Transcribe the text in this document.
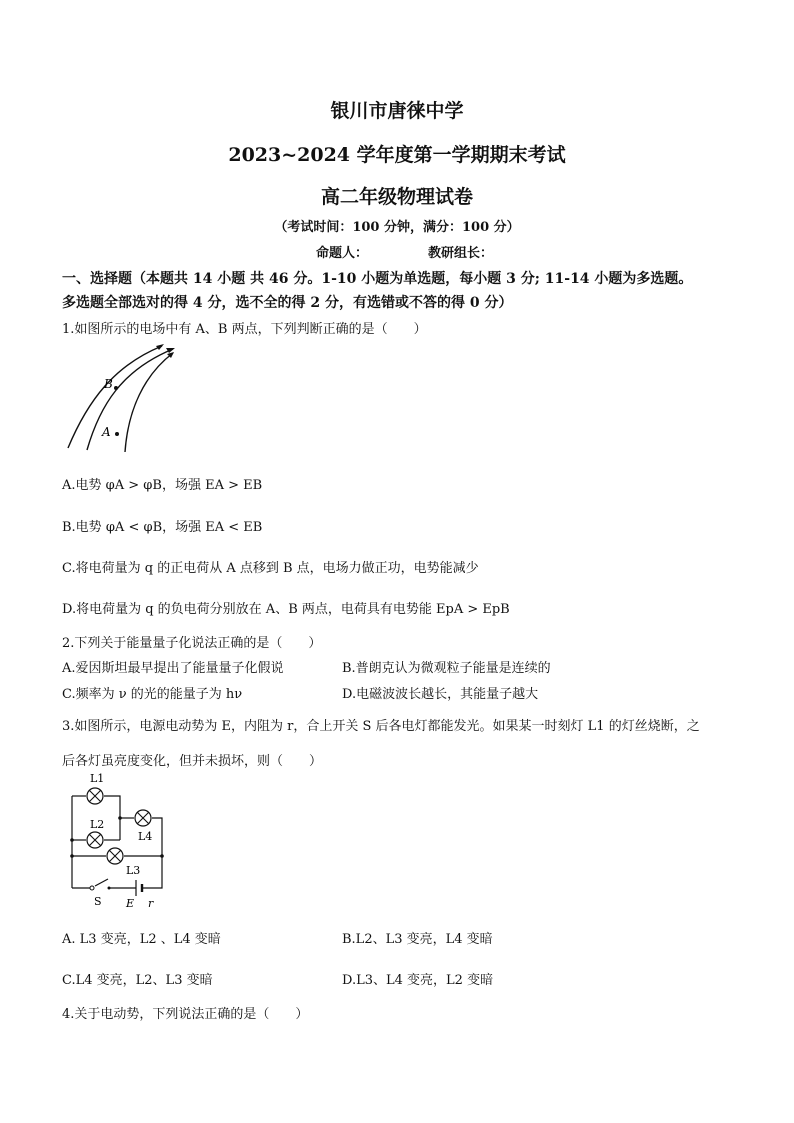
银川市唐徕中学
2023~2024 学年度第一学期期末考试
高二年级物理试卷
（考试时间：100 分钟，满分：100 分）
命题人：	教研组长：
一、选择题（本题共 14 小题 共 46 分。1-10 小题为单选题，每小题 3 分; 11-14 小题为多选题。
多选题全部选对的得 4 分，选不全的得 2 分，有选错或不答的得 0 分）
1.如图所示的电场中有 A、B 两点，下列判断正确的是（　　）
B
A
A.电势 φA > φB，场强 EA > EB
B.电势 φA < φB，场强 EA < EB
C.将电荷量为 q 的正电荷从 A 点移到 B 点，电场力做正功，电势能减少
D.将电荷量为 q 的负电荷分别放在 A、B 两点，电荷具有电势能 EpA > EpB
2.下列关于能量量子化说法正确的是（　　）
A.爱因斯坦最早提出了能量量子化假说	B.普朗克认为微观粒子能量是连续的
C.频率为 ν 的光的能量子为 hν	D.电磁波波长越长，其能量子越大
3.如图所示，电源电动势为 E，内阻为 r，合上开关 S 后各电灯都能发光。如果某一时刻灯 L1 的灯丝烧断，之
后各灯虽亮度变化，但并未损坏，则（　　）
L1
L2
L4
L3
S E r
A. L3 变亮，L2 、L4 变暗	B.L2、L3 变亮，L4 变暗
C.L4 变亮，L2、L3 变暗	D.L3、L4 变亮，L2 变暗
4.关于电动势，下列说法正确的是（　　）
